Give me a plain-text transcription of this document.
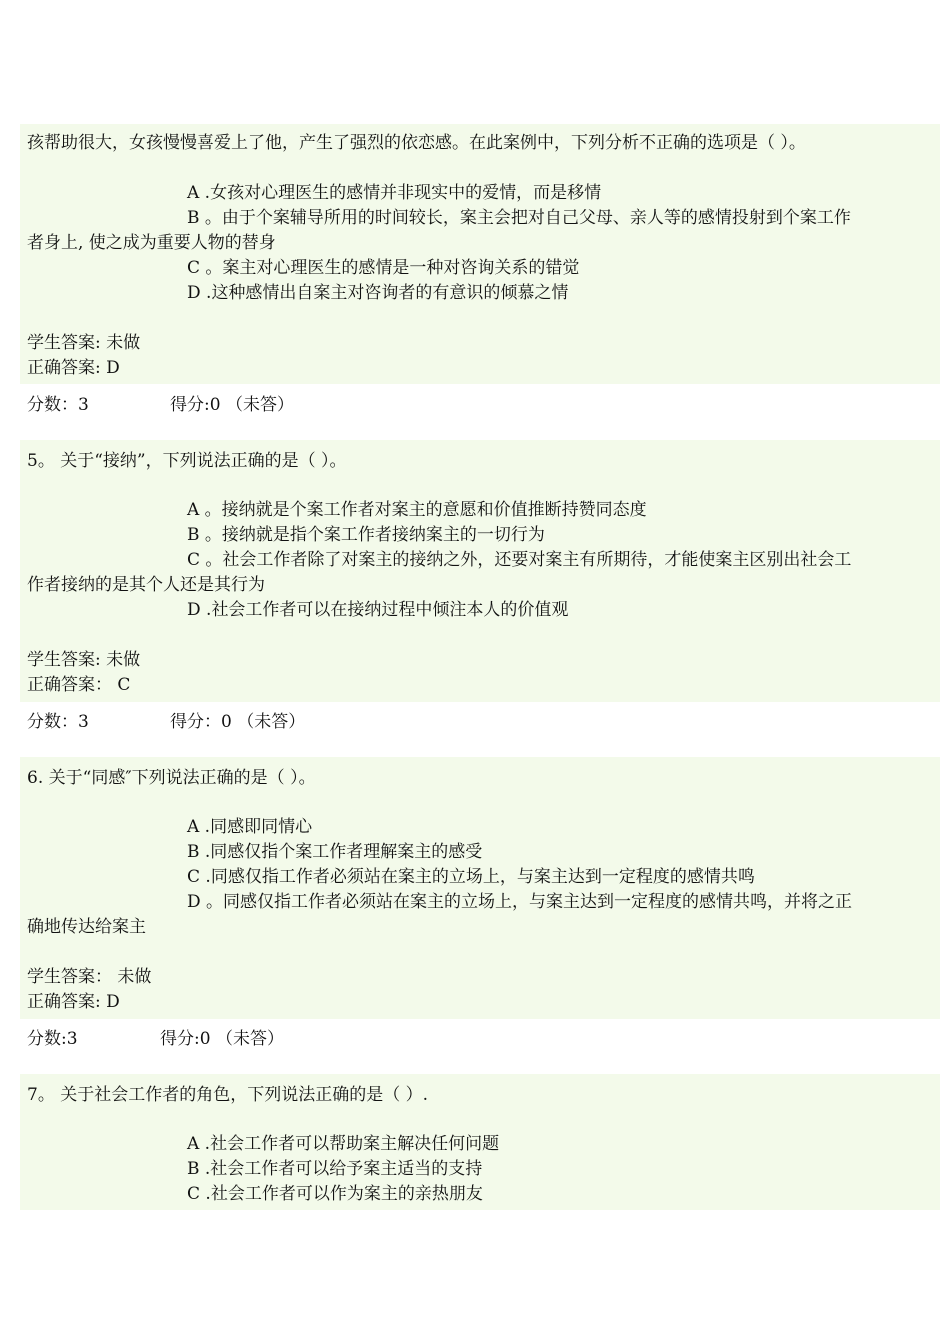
孩帮助很大，女孩慢慢喜爱上了他，产生了强烈的依恋感。在此案例中，下列分析不正确的选项是（ ）。
A .女孩对心理医生的感情并非现实中的爱情，而是移情
B 。由于个案辅导所用的时间较长，案主会把对自己父母、亲人等的感情投射到个案工作
者身上, 使之成为重要人物的替身
C 。案主对心理医生的感情是一种对咨询关系的错觉
D .这种感情出自案主对咨询者的有意识的倾慕之情
学生答案: 未做
正确答案: D
分数：3	得分:0 （未答）
5。 关于“接纳”，下列说法正确的是（ ）。
A 。接纳就是个案工作者对案主的意愿和价值推断持赞同态度
B 。接纳就是指个案工作者接纳案主的一切行为
C 。社会工作者除了对案主的接纳之外，还要对案主有所期待，才能使案主区别出社会工
作者接纳的是其个人还是其行为
D .社会工作者可以在接纳过程中倾注本人的价值观
学生答案: 未做
正确答案： C
分数：3	得分：0 （未答）
6. 关于“同感″下列说法正确的是（ ）。
A .同感即同情心
B .同感仅指个案工作者理解案主的感受
C .同感仅指工作者必须站在案主的立场上，与案主达到一定程度的感情共鸣
D 。同感仅指工作者必须站在案主的立场上，与案主达到一定程度的感情共鸣，并将之正
确地传达给案主
学生答案： 未做
正确答案: D
分数:3	得分:0 （未答）
7。 关于社会工作者的角色，下列说法正确的是（ ）.
A .社会工作者可以帮助案主解决任何问题
B .社会工作者可以给予案主适当的支持
C .社会工作者可以作为案主的亲热朋友
